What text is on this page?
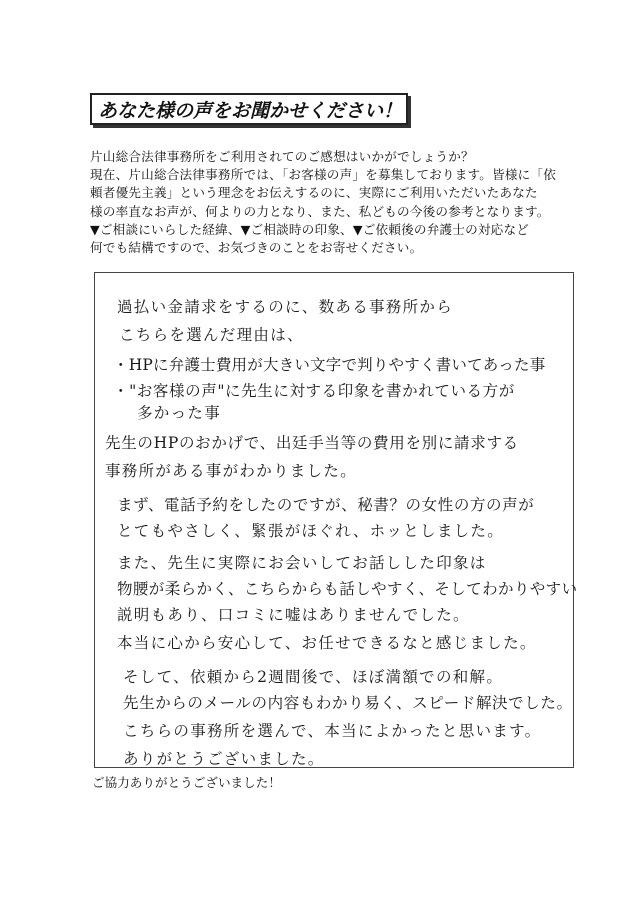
あなた様の声をお聞かせください！

片山総合法律事務所をご利用されてのご感想はいかがでしょうか？

現在、片山総合法律事務所では、「お客様の声」を募集しております。皆様に「依

頼者優先主義」という理念をお伝えするのに、実際にご利用いただいたあなた

様の率直なお声が、何よりの力となり、また、私どもの今後の参考となります。

▼ご相談にいらした経緯、▼ご相談時の印象、▼ご依頼後の弁護士の対応など

何でも結構ですので、お気づきのことをお寄せください。

過払い金請求をするのに、数ある事務所から
こちらを選んだ理由は、
・HPに弁護士費用が大きい文字で判りやすく書いてあった事
・"お客様の声"に先生に対する印象を書かれている方が
多かった事
先生のHPのおかげで、出廷手当等の費用を別に請求する
事務所がある事がわかりました。
まず、電話予約をしたのですが、秘書？の女性の方の声が
とてもやさしく、緊張がほぐれ、ホッとしました。
また、先生に実際にお会いしてお話しした印象は
物腰が柔らかく、こちらからも話しやすく、そしてわかりやすい
説明もあり、口コミに嘘はありませんでした。
本当に心から安心して、お任せできるなと感じました。
そして、依頼から2週間後で、ほぼ満額での和解。
先生からのメールの内容もわかり易く、スピード解決でした。
こちらの事務所を選んで、本当によかったと思います。
ありがとうございました。
ご協力ありがとうございました！
